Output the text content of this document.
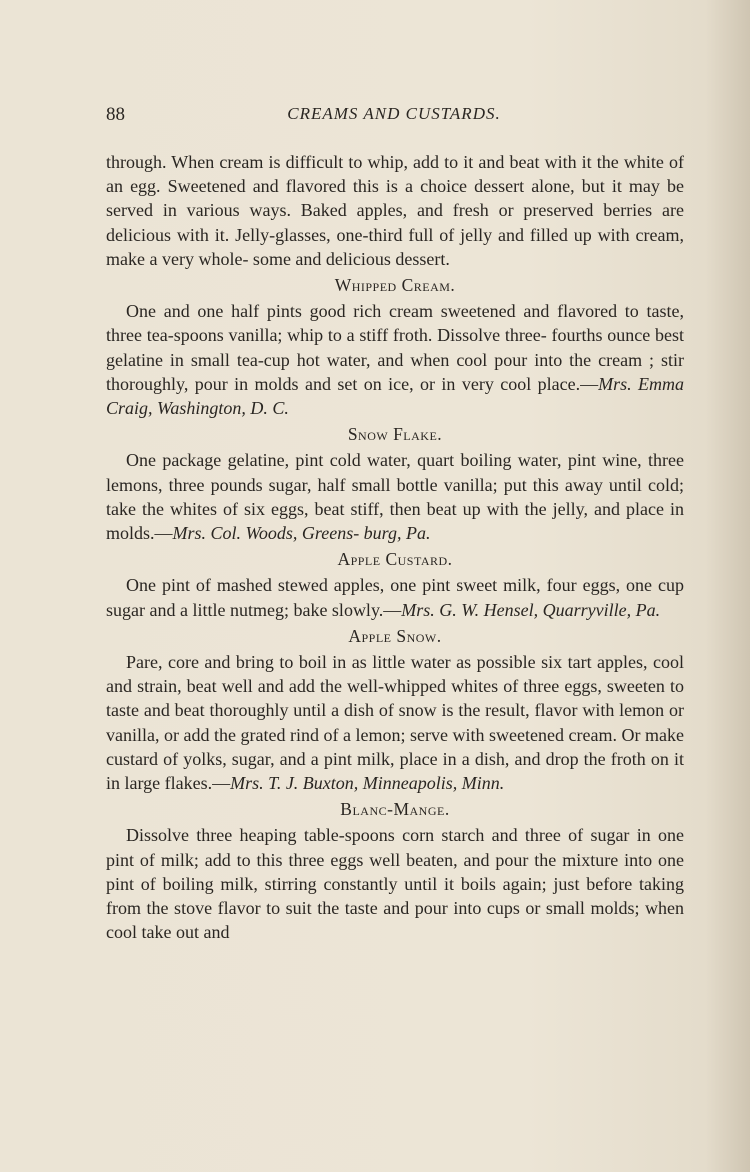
88	CREAMS AND CUSTARDS.

through. When cream is difficult to whip, add to it and beat with it the white of an egg. Sweetened and flavored this is a choice dessert alone, but it may be served in various ways. Baked apples, and fresh or preserved berries are delicious with it. Jelly-glasses, one-third full of jelly and filled up with cream, make a very whole- some and delicious dessert.

Whipped Cream.

One and one half pints good rich cream sweetened and flavored to taste, three tea-spoons vanilla; whip to a stiff froth. Dissolve three- fourths ounce best gelatine in small tea-cup hot water, and when cool pour into the cream ; stir thoroughly, pour in molds and set on ice, or in very cool place.—Mrs. Emma Craig, Washington, D. C.

Snow Flake.

One package gelatine, pint cold water, quart boiling water, pint wine, three lemons, three pounds sugar, half small bottle vanilla; put this away until cold; take the whites of six eggs, beat stiff, then beat up with the jelly, and place in molds.—Mrs. Col. Woods, Greens- burg, Pa.

Apple Custard.

One pint of mashed stewed apples, one pint sweet milk, four eggs, one cup sugar and a little nutmeg; bake slowly.—Mrs. G. W. Hensel, Quarryville, Pa.

Apple Snow.

Pare, core and bring to boil in as little water as possible six tart apples, cool and strain, beat well and add the well-whipped whites of three eggs, sweeten to taste and beat thoroughly until a dish of snow is the result, flavor with lemon or vanilla, or add the grated rind of a lemon; serve with sweetened cream. Or make custard of yolks, sugar, and a pint milk, place in a dish, and drop the froth on it in large flakes.—Mrs. T. J. Buxton, Minneapolis, Minn.

Blanc-Mange.

Dissolve three heaping table-spoons corn starch and three of sugar in one pint of milk; add to this three eggs well beaten, and pour the mixture into one pint of boiling milk, stirring constantly until it boils again; just before taking from the stove flavor to suit the taste and pour into cups or small molds; when cool take out and
